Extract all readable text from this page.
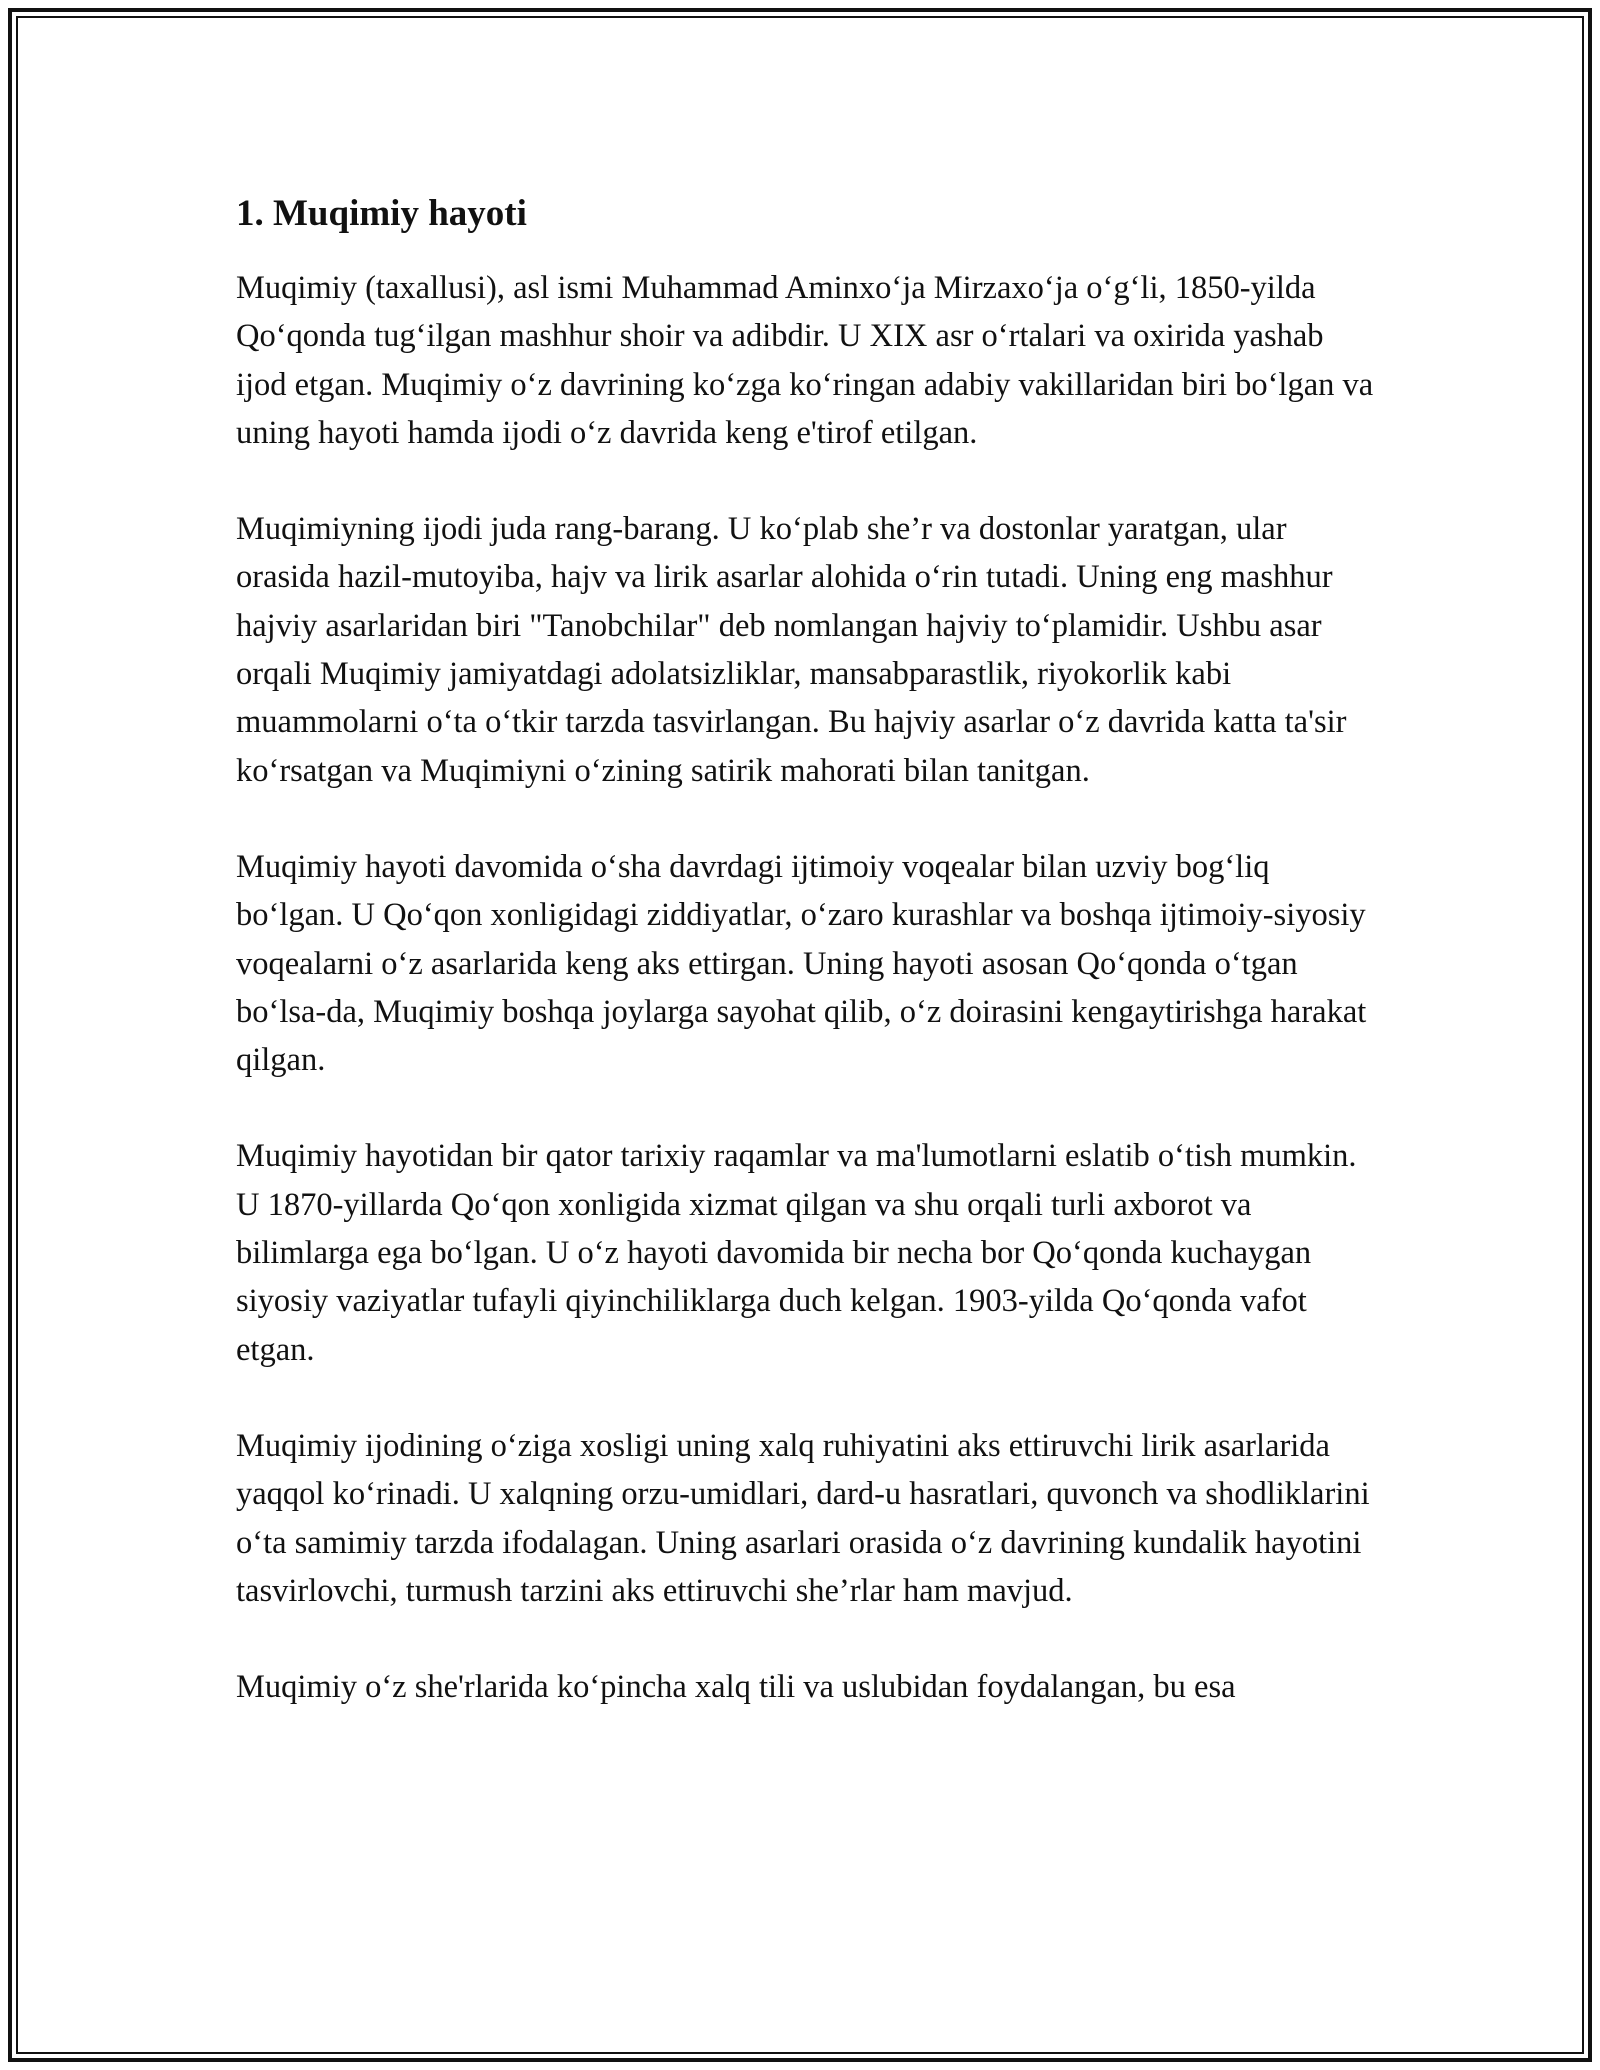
1. Muqimiy hayoti

Muqimiy (taxallusi), asl ismi Muhammad Aminxoʻja Mirzaxoʻja oʻgʻli, 1850-yilda Qoʻqonda tugʻilgan mashhur shoir va adibdir. U XIX asr oʻrtalari va oxirida yashab ijod etgan. Muqimiy oʻz davrining koʻzga koʻringan adabiy vakillaridan biri boʻlgan va uning hayoti hamda ijodi oʻz davrida keng e'tirof etilgan.

Muqimiyning ijodi juda rang-barang. U koʻplab she’r va dostonlar yaratgan, ular orasida hazil-mutoyiba, hajv va lirik asarlar alohida oʻrin tutadi. Uning eng mashhur hajviy asarlaridan biri "Tanobchilar" deb nomlangan hajviy toʻplamidir. Ushbu asar orqali Muqimiy jamiyatdagi adolatsizliklar, mansabparastlik, riyokorlik kabi muammolarni oʻta oʻtkir tarzda tasvirlangan. Bu hajviy asarlar oʻz davrida katta ta'sir koʻrsatgan va Muqimiyni oʻzining satirik mahorati bilan tanitgan.

Muqimiy hayoti davomida oʻsha davrdagi ijtimoiy voqealar bilan uzviy bogʻliq boʻlgan. U Qoʻqon xonligidagi ziddiyatlar, oʻzaro kurashlar va boshqa ijtimoiy-siyosiy voqealarni oʻz asarlarida keng aks ettirgan. Uning hayoti asosan Qoʻqonda oʻtgan boʻlsa-da, Muqimiy boshqa joylarga sayohat qilib, oʻz doirasini kengaytirishga harakat qilgan.

Muqimiy hayotidan bir qator tarixiy raqamlar va ma'lumotlarni eslatib oʻtish mumkin. U 1870-yillarda Qoʻqon xonligida xizmat qilgan va shu orqali turli axborot va bilimlarga ega boʻlgan. U oʻz hayoti davomida bir necha bor Qoʻqonda kuchaygan siyosiy vaziyatlar tufayli qiyinchiliklarga duch kelgan. 1903-yilda Qoʻqonda vafot etgan.

Muqimiy ijodining oʻziga xosligi uning xalq ruhiyatini aks ettiruvchi lirik asarlarida yaqqol koʻrinadi. U xalqning orzu-umidlari, dard-u hasratlari, quvonch va shodliklarini oʻta samimiy tarzda ifodalagan. Uning asarlari orasida oʻz davrining kundalik hayotini tasvirlovchi, turmush tarzini aks ettiruvchi she’rlar ham mavjud.

Muqimiy oʻz she'rlarida koʻpincha xalq tili va uslubidan foydalangan, bu esa
